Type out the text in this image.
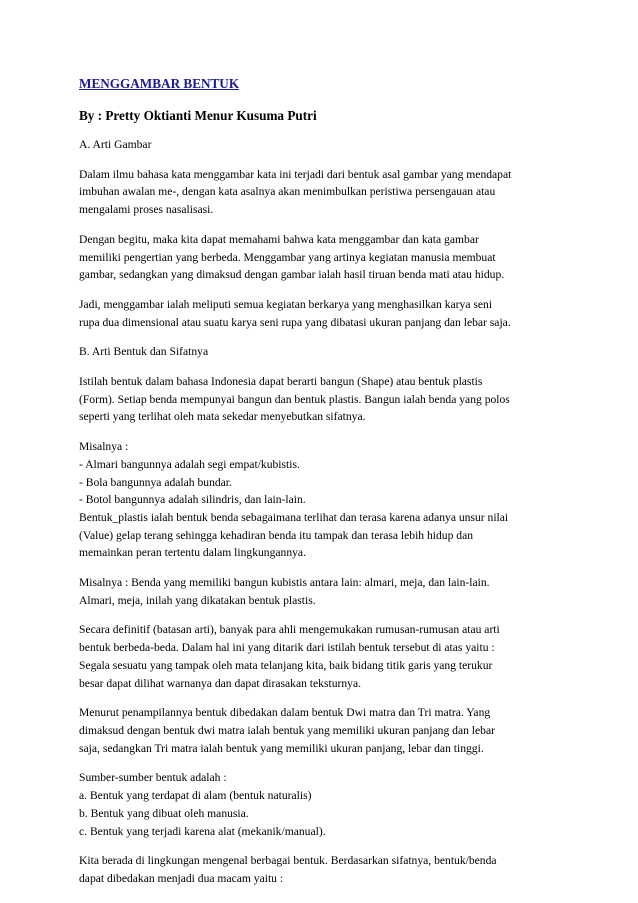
MENGGAMBAR BENTUK

By : Pretty Oktianti Menur Kusuma Putri

A. Arti Gambar
Dalam ilmu bahasa kata menggambar kata ini terjadi dari bentuk asal gambar yang mendapat
imbuhan awalan me-, dengan kata asalnya akan menimbulkan peristiwa persengauan atau
mengalami proses nasalisasi.
Dengan begitu, maka kita dapat memahami bahwa kata menggambar dan kata gambar
memiliki pengertian yang berbeda. Menggambar yang artinya kegiatan manusia membuat
gambar, sedangkan yang dimaksud dengan gambar ialah hasil tiruan benda mati atau hidup.
Jadi, menggambar ialah meliputi semua kegiatan berkarya yang menghasilkan karya seni
rupa dua dimensional atau suatu karya seni rupa yang dibatasi ukuran panjang dan lebar saja.
B. Arti Bentuk dan Sifatnya
Istilah bentuk dalam bahasa Indonesia dapat berarti bangun (Shape) atau bentuk plastis
(Form). Setiap benda mempunyai bangun dan bentuk plastis. Bangun ialah benda yang polos
seperti yang terlihat oleh mata sekedar menyebutkan sifatnya.
Misalnya :
- Almari bangunnya adalah segi empat/kubistis.
- Bola bangunnya adalah bundar.
- Botol bangunnya adalah silindris, dan lain-lain.
Bentuk_plastis ialah bentuk benda sebagaimana terlihat dan terasa karena adanya unsur nilai
(Value) gelap terang sehingga kehadiran benda itu tampak dan terasa lebih hidup dan
memainkan peran tertentu dalam lingkungannya.
Misalnya : Benda yang memiliki bangun kubistis antara lain: almari, meja, dan lain-lain.
Almari, meja, inilah yang dikatakan bentuk plastis.
Secara definitif (batasan arti), banyak para ahli mengemukakan rumusan-rumusan atau arti
bentuk berbeda-beda. Dalam hal ini yang ditarik dari istilah bentuk tersebut di atas yaitu :
Segala sesuatu yang tampak oleh mata telanjang kita, baik bidang titik garis yang terukur
besar dapat dilihat warnanya dan dapat dirasakan teksturnya.
Menurut penampilannya bentuk dibedakan dalam bentuk Dwi matra dan Tri matra. Yang
dimaksud dengan bentuk dwi matra ialah bentuk yang memiliki ukuran panjang dan lebar
saja, sedangkan Tri matra ialah bentuk yang memiliki ukuran panjang, lebar dan tinggi.
Sumber-sumber bentuk adalah :
a. Bentuk yang terdapat di alam (bentuk naturalis)
b. Bentuk yang dibuat oleh manusia.
c. Bentuk yang terjadi karena alat (mekanik/manual).
Kita berada di lingkungan mengenal berbagai bentuk. Berdasarkan sifatnya, bentuk/benda
dapat dibedakan menjadi dua macam yaitu :
